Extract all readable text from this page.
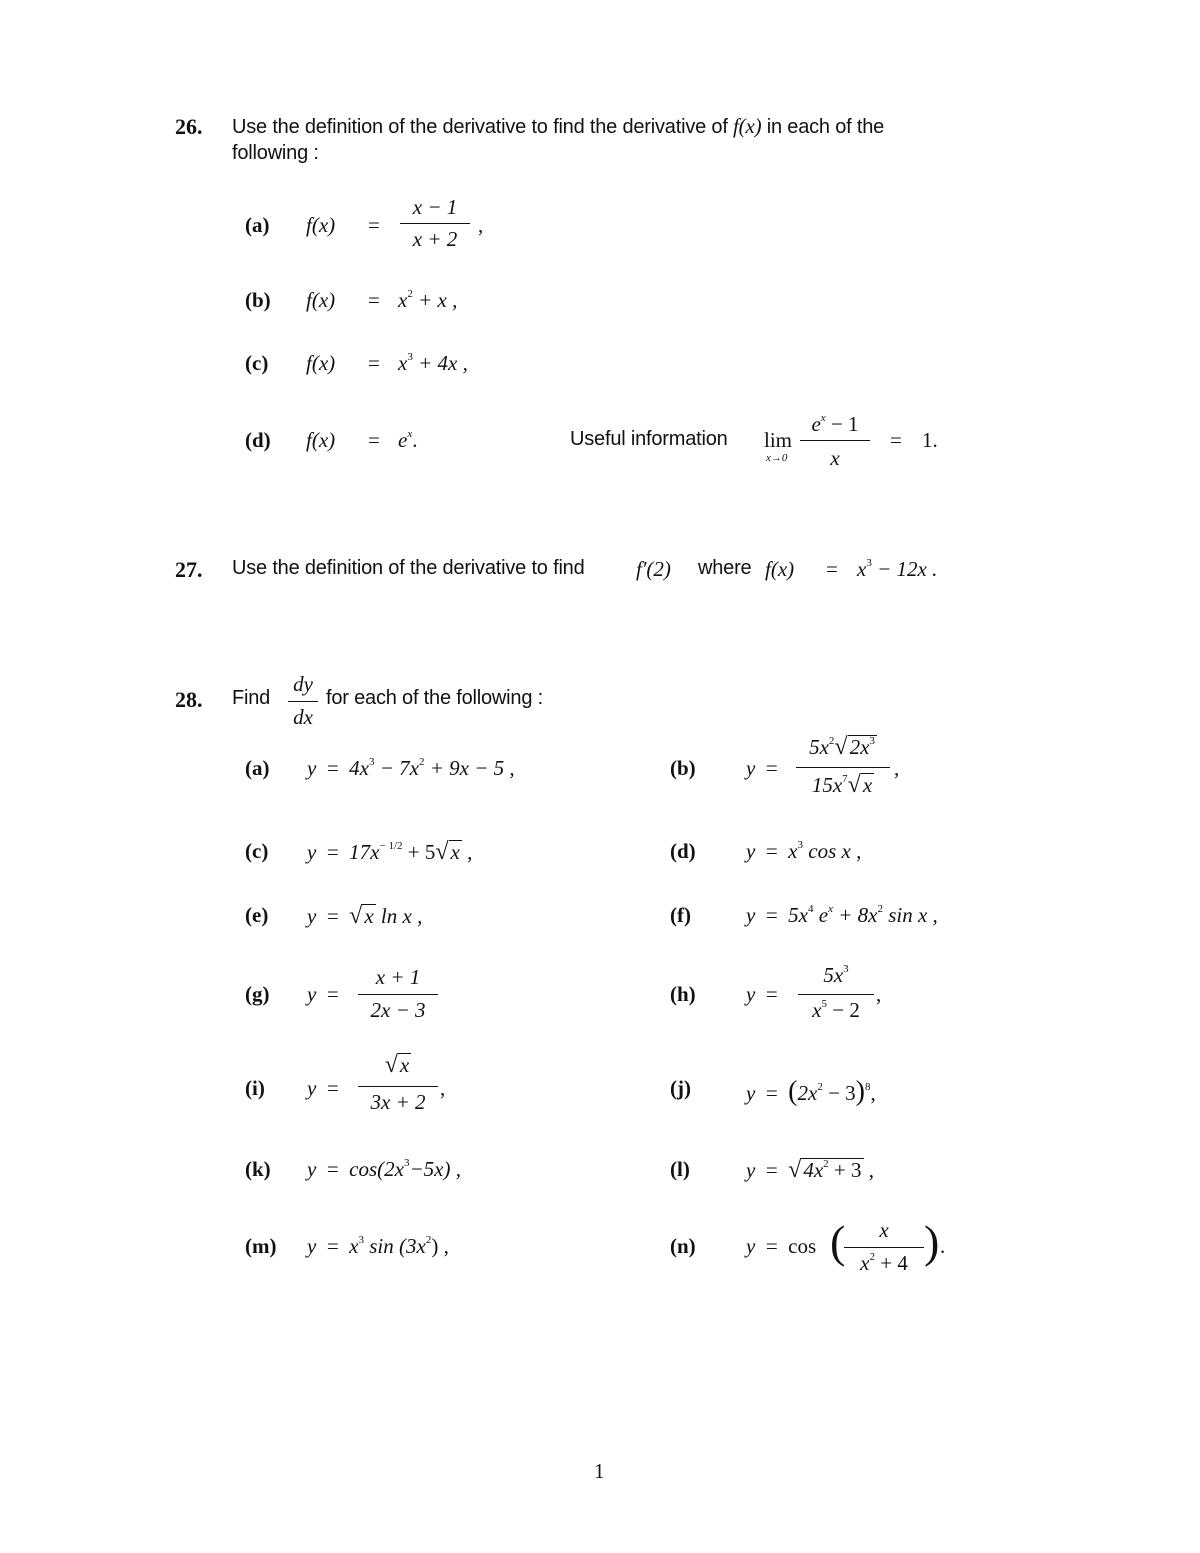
26. Use the definition of the derivative to find the derivative of f(x) in each of the
following :
(a) f(x) =
x − 1
x + 2
,
(b) $f(x) = x^2 + x$ ,
(c) $f(x) = x^3 + 4x$ ,
(d) $f(x) = e^x$.	Useful information lim
x→0
$e^x - 1$
x
= 1.
27. Use the definition of the derivative to find f′(2) where $f(x) = x^3 - 12x$ .
28. Find
dy
dx
for each of the following :
(a) $y = 4x^3 - 7x^2 + 9x - 5$ ,	(b) y =
$5x^2√2x^3$
$15x^7√x$
,
(c) $y = 17x^{- 1/2} + 5√x$ ,	(d) $y = x^3$ cos x ,
(e) y = √x ln x ,	(f)	$y = 5x^4$ $e^x + 8x^2$ sin x ,
(g) y =
x + 1
2x − 3
(h) y =
$5x^3$
$x^5 - 2$
,
(i) y =
√x
3x + 2
,	(j)	$y = (2x^2 - 3)^8$,
(k) $y = \cos(2x^3-5x)$ ,	(l)	$y = √4x^2 + 3$ ,
(m) $y = x^3$ $\sin (3x^2)$ ,	(n) y = cos (	x
$x^2 + 4$ ) .
1
